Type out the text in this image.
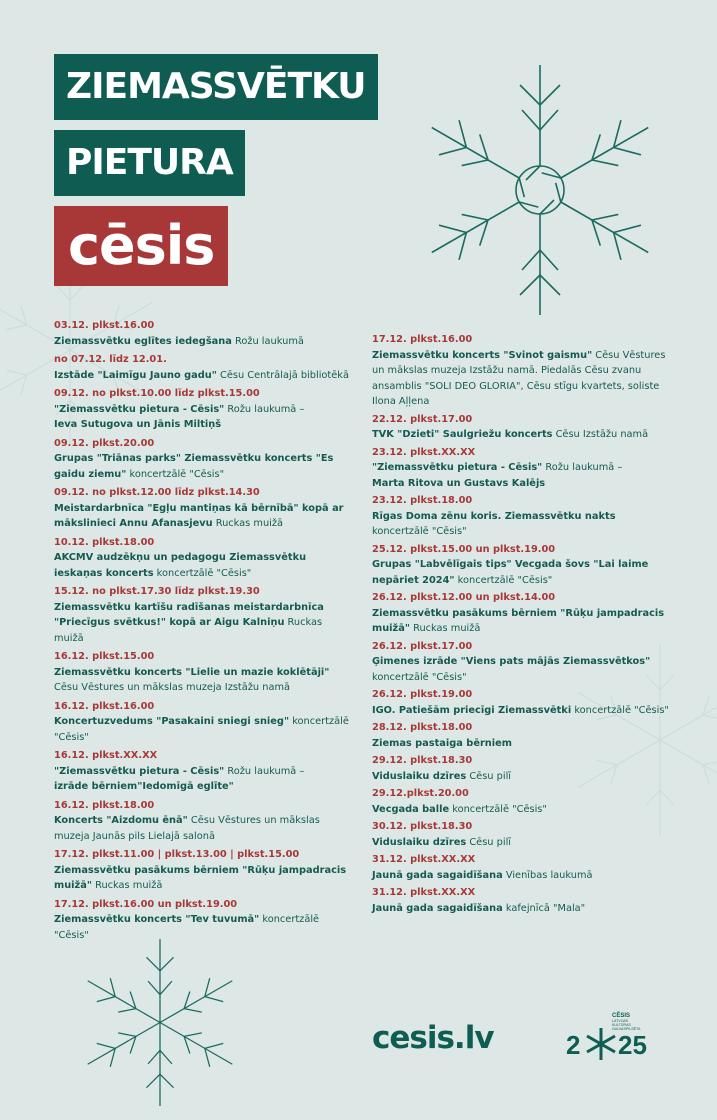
ZIEMASSVĒTKU
PIETURA
cēsis
03.12. plkst.16.00
Ziemassvētku eglītes iedegšana Rožu laukumā
no 07.12. līdz 12.01.
Izstāde "Laimīgu Jauno gadu" Cēsu Centrālajā bibliotēkā
09.12. no plkst.10.00 līdz plkst.15.00
"Ziemassvētku pietura - Cēsis" Rožu laukumā –
Ieva Sutugova un Jānis Miltiņš
09.12. plkst.20.00
Grupas "Triānas parks" Ziemassvētku koncerts "Es gaidu ziemu" koncertzālē "Cēsis"
09.12. no plkst.12.00 līdz plkst.14.30
Meistardarbnīca "Egļu mantiņas kā bērnībā" kopā ar mākslinieci Annu Afanasjevu Ruckas muižā
10.12. plkst.18.00
AKCMV audzēkņu un pedagogu Ziemassvētku ieskaņas koncerts koncertzālē "Cēsis"
15.12. no plkst.17.30 līdz plkst.19.30
Ziemassvētku kartīšu radīšanas meistardarbnīca "Priecīgus svētkus!" kopā ar Aigu Kalniņu Ruckas muižā
16.12. plkst.15.00
Ziemassvētku koncerts "Lielie un mazie koklētāji" Cēsu Vēstures un mākslas muzeja Izstāžu namā
16.12. plkst.16.00
Koncertuzvedums "Pasakaini sniegi snieg" koncertzālē "Cēsis"
16.12. plkst.XX.XX
"Ziemassvētku pietura - Cēsis" Rožu laukumā –
izrāde bērniem"Iedomīgā eglīte"
16.12. plkst.18.00
Koncerts "Aizdomu ēnā" Cēsu Vēstures un mākslas muzeja Jaunās pils Lielajā salonā
17.12. plkst.11.00 | plkst.13.00 | plkst.15.00
Ziemassvētku pasākums bērniem "Rūķu jampadracis muižā" Ruckas muižā
17.12. plkst.16.00 un plkst.19.00
Ziemassvētku koncerts "Tev tuvumā" koncertzālē "Cēsis"
17.12. plkst.16.00
Ziemassvētku koncerts "Svinot gaismu" Cēsu Vēstures un mākslas muzeja Izstāžu namā. Piedalās Cēsu zvanu ansamblis "SOLI DEO GLORIA", Cēsu stīgu kvartets, soliste Ilona Aļļena
22.12. plkst.17.00
TVK "Dzieti" Saulgriežu koncerts Cēsu Izstāžu namā
23.12. plkst.XX.XX
"Ziemassvētku pietura - Cēsis" Rožu laukumā –
Marta Ritova un Gustavs Kalējs
23.12. plkst.18.00
Rīgas Doma zēnu koris. Ziemassvētku nakts koncertzālē "Cēsis"
25.12. plkst.15.00 un plkst.19.00
Grupas "Labvēlīgais tips" Vecgada šovs "Lai laime nepāriet 2024" koncertzālē "Cēsis"
26.12. plkst.12.00 un plkst.14.00
Ziemassvētku pasākums bērniem "Rūķu jampadracis muižā" Ruckas muižā
26.12. plkst.17.00
Ģimenes izrāde "Viens pats mājās Ziemassvētkos" koncertzālē "Cēsis"
26.12. plkst.19.00
IGO. Patiešām priecīgi Ziemassvētki koncertzālē "Cēsis"
28.12. plkst.18.00
Ziemas pastaiga bērniem
29.12. plkst.18.30
Viduslaiku dzīres Cēsu pilī
29.12.plkst.20.00
Vecgada balle koncertzālē "Cēsis"
30.12. plkst.18.30
Viduslaiku dzīres Cēsu pilī
31.12. plkst.XX.XX
Jaunā gada sagaidīšana Vienības laukumā
31.12. plkst.XX.XX
Jaunā gada sagaidīšana kafejnīcā "Mala"
cesis.lv
CĒSIS
LATVIJAS
KULTŪRAS
GALVASPILSĒTA
2 25
